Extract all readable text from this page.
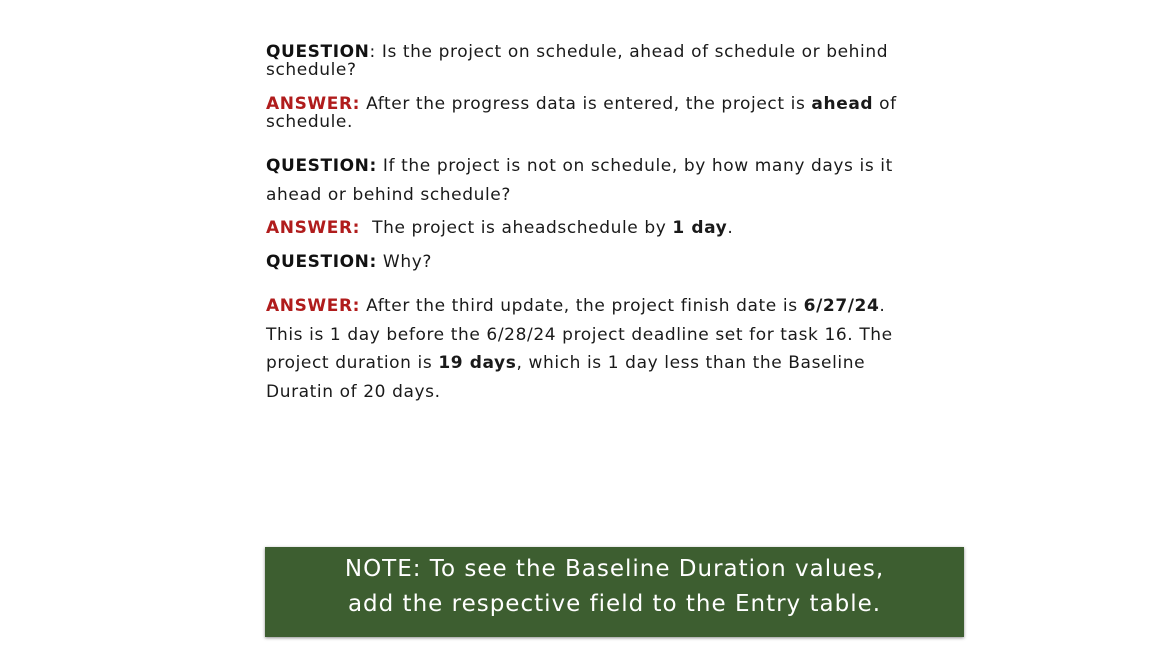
QUESTION: Is the project on schedule, ahead of schedule or behind schedule?
ANSWER: After the progress data is entered, the project is ahead of schedule.
QUESTION: If the project is not on schedule, by how many days is it ahead or behind schedule?
ANSWER:  The project is aheadschedule by 1 day.
QUESTION: Why?
ANSWER: After the third update, the project finish date is 6/27/24. This is 1 day before the 6/28/24 project deadline set for task 16. The project duration is 19 days, which is 1 day less than the Baseline Duratin of 20 days.
NOTE: To see the Baseline Duration values,
add the respective field to the Entry table.
